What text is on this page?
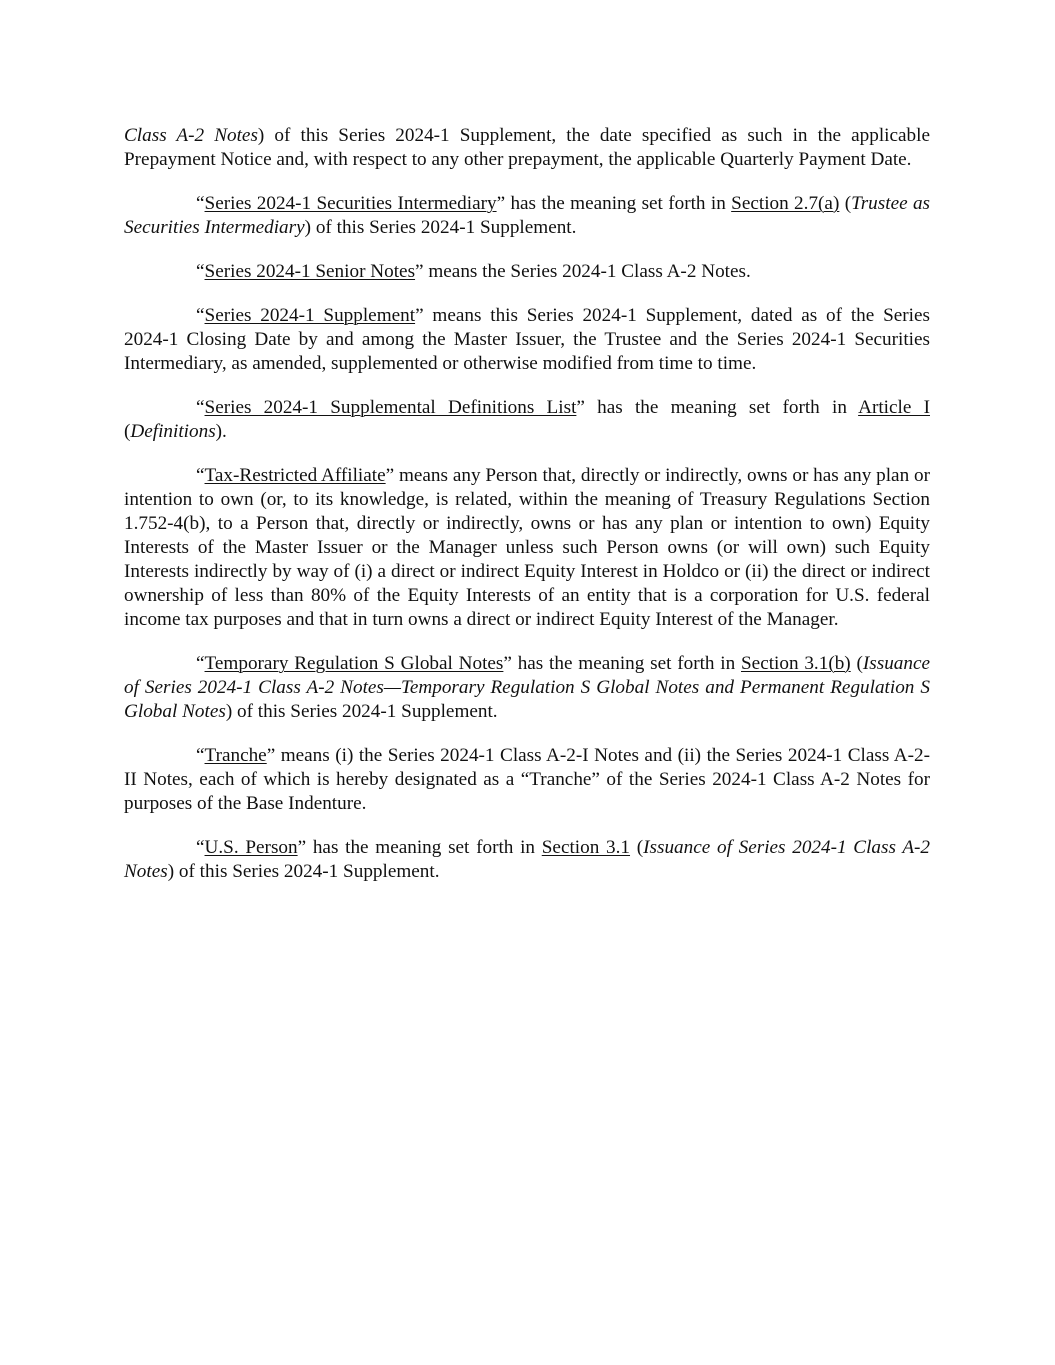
Class A-2 Notes) of this Series 2024-1 Supplement, the date specified as such in the applicable Prepayment Notice and, with respect to any other prepayment, the applicable Quarterly Payment Date.

“Series 2024-1 Securities Intermediary” has the meaning set forth in Section 2.7(a) (Trustee as Securities Intermediary) of this Series 2024-1 Supplement.

“Series 2024-1 Senior Notes” means the Series 2024-1 Class A-2 Notes.

“Series 2024-1 Supplement” means this Series 2024-1 Supplement, dated as of the Series 2024-1 Closing Date by and among the Master Issuer, the Trustee and the Series 2024-1 Securities Intermediary, as amended, supplemented or otherwise modified from time to time.

“Series 2024-1 Supplemental Definitions List” has the meaning set forth in Article I (Definitions).

“Tax-Restricted Affiliate” means any Person that, directly or indirectly, owns or has any plan or intention to own (or, to its knowledge, is related, within the meaning of Treasury Regulations Section 1.752-4(b), to a Person that, directly or indirectly, owns or has any plan or intention to own) Equity Interests of the Master Issuer or the Manager unless such Person owns (or will own) such Equity Interests indirectly by way of (i) a direct or indirect Equity Interest in Holdco or (ii) the direct or indirect ownership of less than 80% of the Equity Interests of an entity that is a corporation for U.S. federal income tax purposes and that in turn owns a direct or indirect Equity Interest of the Manager.

“Temporary Regulation S Global Notes” has the meaning set forth in Section 3.1(b) (Issuance of Series 2024-1 Class A-2 Notes—Temporary Regulation S Global Notes and Permanent Regulation S Global Notes) of this Series 2024-1 Supplement.

“Tranche” means (i) the Series 2024-1 Class A-2-I Notes and (ii) the Series 2024-1 Class A-2-II Notes, each of which is hereby designated as a “Tranche” of the Series 2024-1 Class A-2 Notes for purposes of the Base Indenture.

“U.S. Person” has the meaning set forth in Section 3.1 (Issuance of Series 2024-1 Class A-2 Notes) of this Series 2024-1 Supplement.
